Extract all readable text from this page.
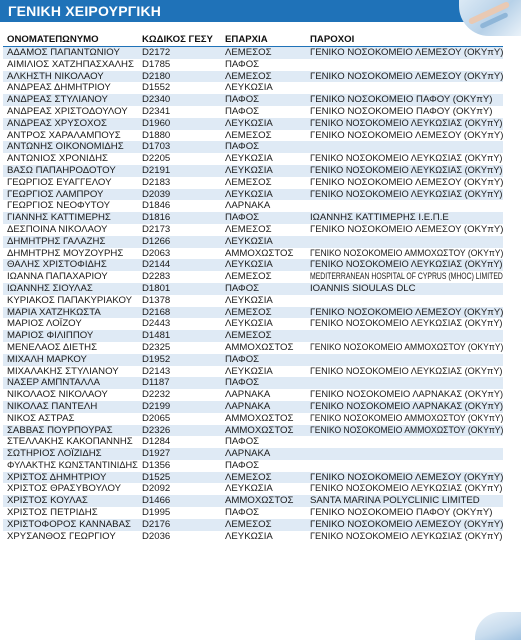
ΓΕΝΙΚΗ ΧΕΙΡΟΥΡΓΙΚΗ
ΟΝΟΜΑΤΕΠΩΝΥΜΟ	ΚΩΔΙΚΟΣ ΓΕΣΥ	ΕΠΑΡΧΙΑ	ΠΑΡΟΧΟΙ
ΑΔΑΜΟΣ ΠΑΠΑΝΤΩΝΙΟΥ	D2172	ΛΕΜΕΣΟΣ	ΓΕΝΙΚΟ ΝΟΣΟΚΟΜΕΙΟ ΛΕΜΕΣΟΥ (ΟΚΥπΥ)
ΑΙΜΙΛΙΟΣ ΧΑΤΖΗΠΑΣΧΑΛΗΣ	D1785	ΠΑΦΟΣ	
ΑΛΚΗΣΤΗ ΝΙΚΟΛΑΟΥ	D2180	ΛΕΜΕΣΟΣ	ΓΕΝΙΚΟ ΝΟΣΟΚΟΜΕΙΟ ΛΕΜΕΣΟΥ (ΟΚΥπΥ)
ΑΝΔΡΕΑΣ ΔΗΜΗΤΡΙΟΥ	D1552	ΛΕΥΚΩΣΙΑ	
ΑΝΔΡΕΑΣ ΣΤΥΛΙΑΝΟΥ	D2340	ΠΑΦΟΣ	ΓΕΝΙΚΟ ΝΟΣΟΚΟΜΕΙΟ ΠΑΦΟΥ (ΟΚΥπΥ)
ΑΝΔΡΕΑΣ ΧΡΙΣΤΟΔΟΥΛΟΥ	D2341	ΠΑΦΟΣ	ΓΕΝΙΚΟ ΝΟΣΟΚΟΜΕΙΟ ΠΑΦΟΥ (ΟΚΥπΥ)
ΑΝΔΡΕΑΣ ΧΡΥΣΟΧΟΣ	D1960	ΛΕΥΚΩΣΙΑ	ΓΕΝΙΚΟ ΝΟΣΟΚΟΜΕΙΟ ΛΕΥΚΩΣΙΑΣ (ΟΚΥπΥ)
ΑΝΤΡΟΣ ΧΑΡΑΛΑΜΠΟΥΣ	D1880	ΛΕΜΕΣΟΣ	ΓΕΝΙΚΟ ΝΟΣΟΚΟΜΕΙΟ ΛΕΜΕΣΟΥ (ΟΚΥπΥ)
ΑΝΤΩΝΗΣ ΟΙΚΟΝΟΜΙΔΗΣ	D1703	ΠΑΦΟΣ	
ΑΝΤΩΝΙΟΣ ΧΡΟΝΙΔΗΣ	D2205	ΛΕΥΚΩΣΙΑ	ΓΕΝΙΚΟ ΝΟΣΟΚΟΜΕΙΟ ΛΕΥΚΩΣΙΑΣ (ΟΚΥπΥ)
ΒΑΣΩ ΠΑΠΑΗΡΟΔΟΤΟΥ	D2191	ΛΕΥΚΩΣΙΑ	ΓΕΝΙΚΟ ΝΟΣΟΚΟΜΕΙΟ ΛΕΥΚΩΣΙΑΣ (ΟΚΥπΥ)
ΓΕΩΡΓΙΟΣ ΕΥΑΓΓΕΛΟΥ	D2183	ΛΕΜΕΣΟΣ	ΓΕΝΙΚΟ ΝΟΣΟΚΟΜΕΙΟ ΛΕΜΕΣΟΥ (ΟΚΥπΥ)
ΓΕΩΡΓΙΟΣ ΛΑΜΠΡΟΥ	D2039	ΛΕΥΚΩΣΙΑ	ΓΕΝΙΚΟ ΝΟΣΟΚΟΜΕΙΟ ΛΕΥΚΩΣΙΑΣ (ΟΚΥπΥ)
ΓΕΩΡΓΙΟΣ ΝΕΟΦΥΤΟΥ	D1846	ΛΑΡΝΑΚΑ	
ΓΙΑΝΝΗΣ ΚΑΤΤΙΜΕΡΗΣ	D1816	ΠΑΦΟΣ	ΙΩΑΝΝΗΣ ΚΑΤΤΙΜΕΡΗΣ Ι.Ε.Π.Ε
ΔΕΣΠΟΙΝΑ ΝΙΚΟΛΑΟΥ	D2173	ΛΕΜΕΣΟΣ	ΓΕΝΙΚΟ ΝΟΣΟΚΟΜΕΙΟ ΛΕΜΕΣΟΥ (ΟΚΥπΥ)
ΔΗΜΗΤΡΗΣ ΓΑΛΑΖΗΣ	D1266	ΛΕΥΚΩΣΙΑ	
ΔΗΜΗΤΡΗΣ ΜΟΥΖΟΥΡΗΣ	D2063	ΑΜΜΟΧΩΣΤΟΣ	ΓΕΝΙΚΟ ΝΟΣΟΚΟΜΕΙΟ ΑΜΜΟΧΩΣΤΟΥ (ΟΚΥπΥ)
ΘΑΛΗΣ ΧΡΙΣΤΟΦΙΔΗΣ	D2144	ΛΕΥΚΩΣΙΑ	ΓΕΝΙΚΟ ΝΟΣΟΚΟΜΕΙΟ ΛΕΥΚΩΣΙΑΣ (ΟΚΥπΥ)
ΙΩΑΝΝΑ ΠΑΠΑΧΑΡΙΟΥ	D2283	ΛΕΜΕΣΟΣ	MEDITERRANEAN HOSPITAL OF CYPRUS (MHOC) LIMITED
ΙΩΑΝΝΗΣ ΣΙΟΥΛΑΣ	D1801	ΠΑΦΟΣ	IOANNIS SIOULAS DLC
ΚΥΡΙΑΚΟΣ ΠΑΠΑΚΥΡΙΑΚΟΥ	D1378	ΛΕΥΚΩΣΙΑ	
ΜΑΡΙΑ ΧΑΤΖΗΚΩΣΤΑ	D2168	ΛΕΜΕΣΟΣ	ΓΕΝΙΚΟ ΝΟΣΟΚΟΜΕΙΟ ΛΕΜΕΣΟΥ (ΟΚΥπΥ)
ΜΑΡΙΟΣ ΛΟΪΖΟΥ	D2443	ΛΕΥΚΩΣΙΑ	ΓΕΝΙΚΟ ΝΟΣΟΚΟΜΕΙΟ ΛΕΥΚΩΣΙΑΣ (ΟΚΥπΥ)
ΜΑΡΙΟΣ ΦΙΛΙΠΠΟΥ	D1481	ΛΕΜΕΣΟΣ	
ΜΕΝΕΛΑΟΣ ΔΙΕΤΗΣ	D2325	ΑΜΜΟΧΩΣΤΟΣ	ΓΕΝΙΚΟ ΝΟΣΟΚΟΜΕΙΟ ΑΜΜΟΧΩΣΤΟΥ (ΟΚΥπΥ)
ΜΙΧΑΛΗ ΜΑΡΚΟΥ	D1952	ΠΑΦΟΣ	
ΜΙΧΑΛΑΚΗΣ ΣΤΥΛΙΑΝΟΥ	D2143	ΛΕΥΚΩΣΙΑ	ΓΕΝΙΚΟ ΝΟΣΟΚΟΜΕΙΟ ΛΕΥΚΩΣΙΑΣ (ΟΚΥπΥ)
ΝΑΣΕΡ ΑΜΠΝΤΑΛΛΑ	D1187	ΠΑΦΟΣ	
ΝΙΚΟΛΑΟΣ ΝΙΚΟΛΑΟΥ	D2232	ΛΑΡΝΑΚΑ	ΓΕΝΙΚΟ ΝΟΣΟΚΟΜΕΙΟ ΛΑΡΝΑΚΑΣ (ΟΚΥπΥ)
ΝΙΚΟΛΑΣ ΠΑΝΤΕΛΗ	D2199	ΛΑΡΝΑΚΑ	ΓΕΝΙΚΟ ΝΟΣΟΚΟΜΕΙΟ ΛΑΡΝΑΚΑΣ (ΟΚΥπΥ)
ΝΙΚΟΣ ΑΣΤΡΑΣ	D2065	ΑΜΜΟΧΩΣΤΟΣ	ΓΕΝΙΚΟ ΝΟΣΟΚΟΜΕΙΟ ΑΜΜΟΧΩΣΤΟΥ (ΟΚΥπΥ)
ΣΑΒΒΑΣ ΠΟΥΡΠΟΥΡΑΣ	D2326	ΑΜΜΟΧΩΣΤΟΣ	ΓΕΝΙΚΟ ΝΟΣΟΚΟΜΕΙΟ ΑΜΜΟΧΩΣΤΟΥ (ΟΚΥπΥ)
ΣΤΕΛΛΑΚΗΣ ΚΑΚΟΠΑΝΝΗΣ	D1284	ΠΑΦΟΣ	
ΣΩΤΗΡΙΟΣ ΛΟΪΖΙΔΗΣ	D1927	ΛΑΡΝΑΚΑ	
ΦΥΛΑΚΤΗΣ ΚΩΝΣΤΑΝΤΙΝΙΔΗΣ	D1356	ΠΑΦΟΣ	
ΧΡΙΣΤΟΣ ΔΗΜΗΤΡΙΟΥ	D1525	ΛΕΜΕΣΟΣ	ΓΕΝΙΚΟ ΝΟΣΟΚΟΜΕΙΟ ΛΕΜΕΣΟΥ (ΟΚΥπΥ)
ΧΡΙΣΤΟΣ ΘΡΑΣΥΒΟΥΛΟΥ	D2092	ΛΕΥΚΩΣΙΑ	ΓΕΝΙΚΟ ΝΟΣΟΚΟΜΕΙΟ ΛΕΥΚΩΣΙΑΣ (ΟΚΥπΥ)
ΧΡΙΣΤΟΣ ΚΟΥΛΑΣ	D1466	ΑΜΜΟΧΩΣΤΟΣ	SANTA MARINA POLYCLINIC LIMITED
ΧΡΙΣΤΟΣ ΠΕΤΡΙΔΗΣ	D1995	ΠΑΦΟΣ	ΓΕΝΙΚΟ ΝΟΣΟΚΟΜΕΙΟ ΠΑΦΟΥ (ΟΚΥπΥ)
ΧΡΙΣΤΟΦΟΡΟΣ ΚΑΝΝΑΒΑΣ	D2176	ΛΕΜΕΣΟΣ	ΓΕΝΙΚΟ ΝΟΣΟΚΟΜΕΙΟ ΛΕΜΕΣΟΥ (ΟΚΥπΥ)
ΧΡΥΣΑΝΘΟΣ ΓΕΩΡΓΙΟΥ	D2036	ΛΕΥΚΩΣΙΑ	ΓΕΝΙΚΟ ΝΟΣΟΚΟΜΕΙΟ ΛΕΥΚΩΣΙΑΣ (ΟΚΥπΥ)
